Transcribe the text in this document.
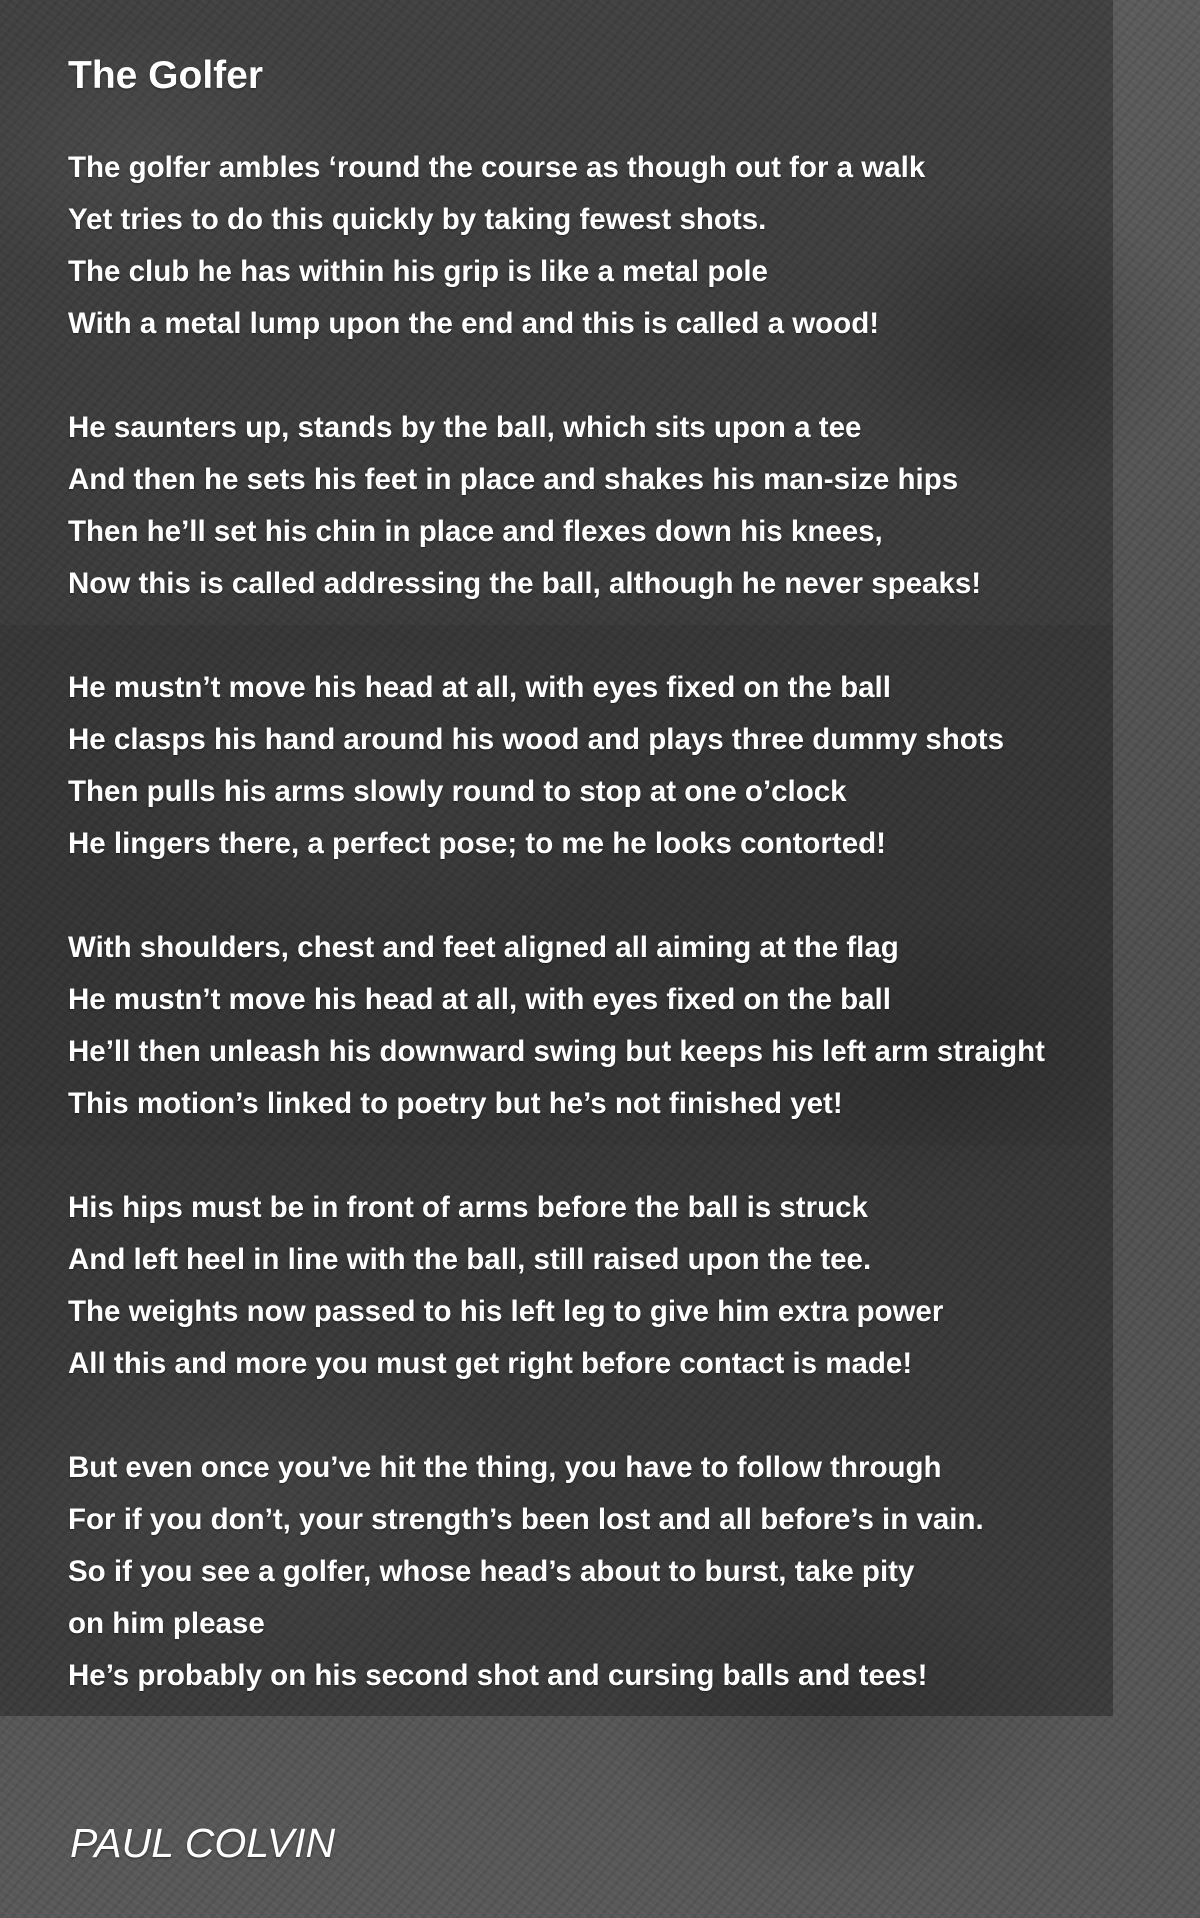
The Golfer
The golfer ambles ‘round the course as though out for a walk
Yet tries to do this quickly by taking fewest shots.
The club he has within his grip is like a metal pole
With a metal lump upon the end and this is called a wood!
He saunters up, stands by the ball, which sits upon a tee
And then he sets his feet in place and shakes his man-size hips
Then he’ll set his chin in place and flexes down his knees,
Now this is called addressing the ball, although he never speaks!
He mustn’t move his head at all, with eyes fixed on the ball
He clasps his hand around his wood and plays three dummy shots
Then pulls his arms slowly round to stop at one o’clock
He lingers there, a perfect pose; to me he looks contorted!
With shoulders, chest and feet aligned all aiming at the flag
He mustn’t move his head at all, with eyes fixed on the ball
He’ll then unleash his downward swing but keeps his left arm straight
This motion’s linked to poetry but he’s not finished yet!
His hips must be in front of arms before the ball is struck
And left heel in line with the ball, still raised upon the tee.
The weights now passed to his left leg to give him extra power
All this and more you must get right before contact is made!
But even once you’ve hit the thing, you have to follow through
For if you don’t, your strength’s been lost and all before’s in vain.
So if you see a golfer, whose head’s about to burst, take pity
on him please
He’s probably on his second shot and cursing balls and tees!
PAUL COLVIN
